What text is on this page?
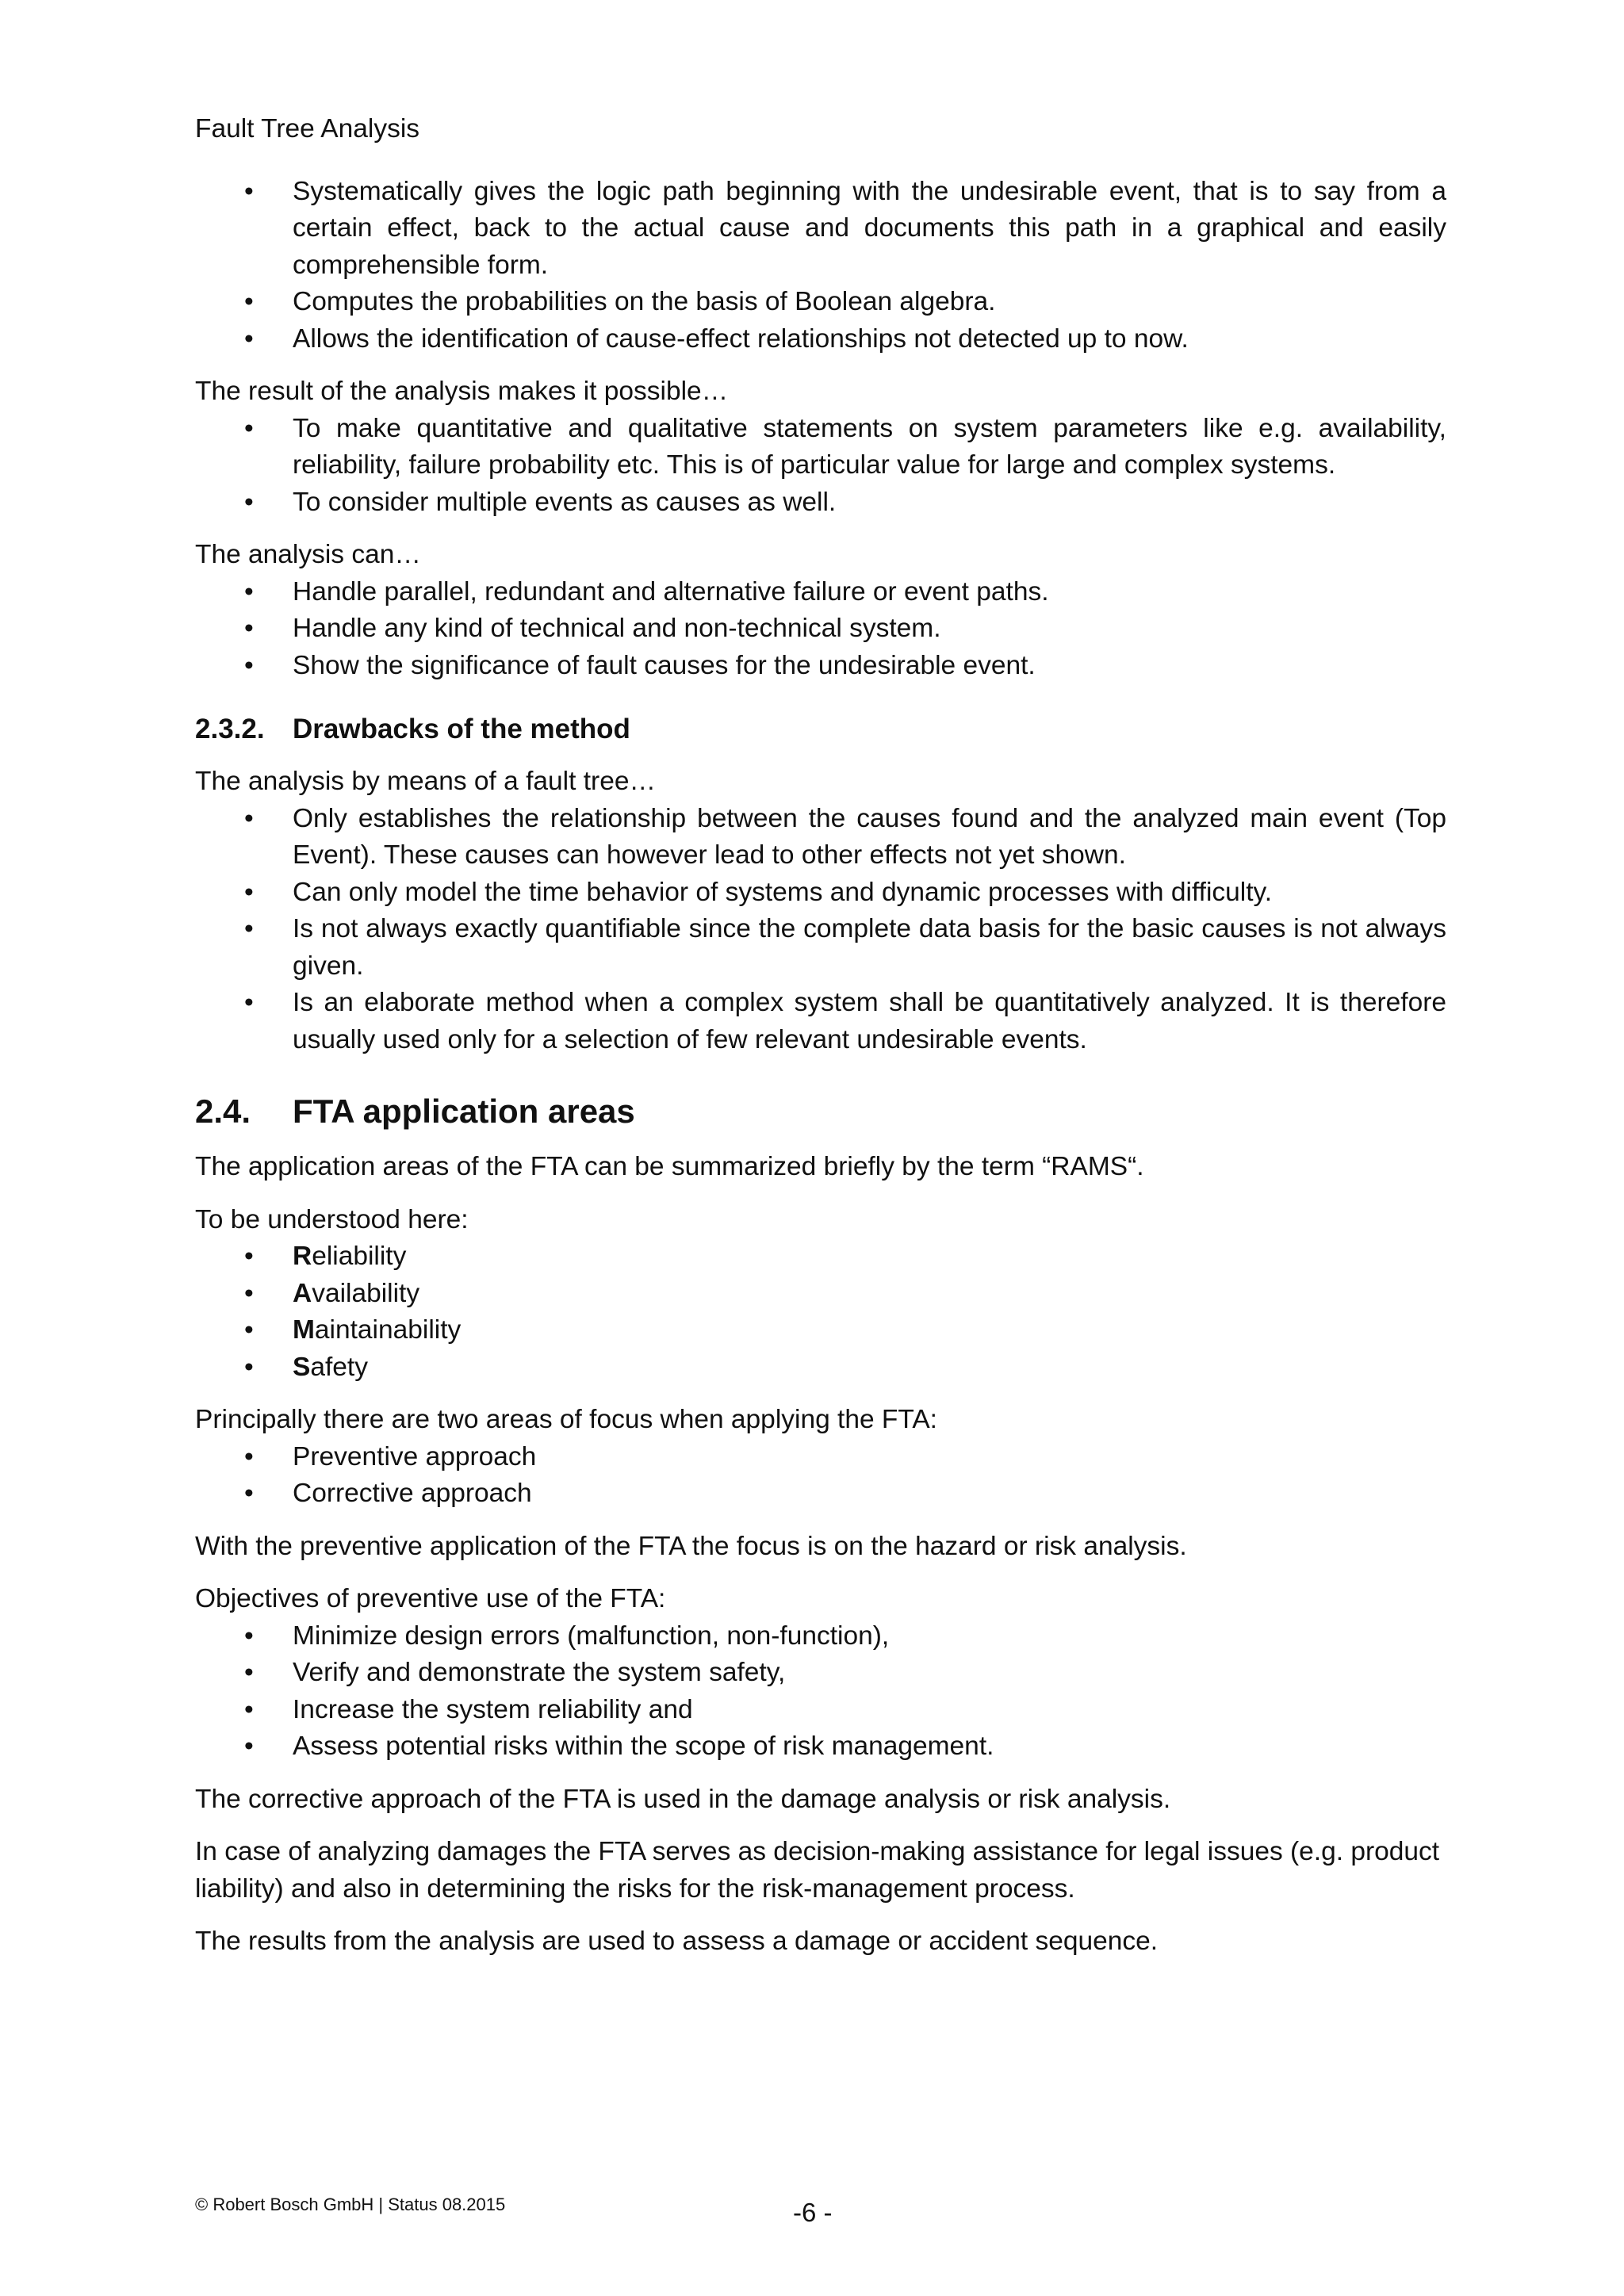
Fault Tree Analysis
• Systematically gives the logic path beginning with the undesirable event, that is to say from a certain effect, back to the actual cause and documents this path in a graphical and easily comprehensible form.
• Computes the probabilities on the basis of Boolean algebra.
• Allows the identification of cause-effect relationships not detected up to now.

The result of the analysis makes it possible…

• To make quantitative and qualitative statements on system parameters like e.g. availability, reliability, failure probability etc. This is of particular value for large and complex systems.
• To consider multiple events as causes as well.

The analysis can…

• Handle parallel, redundant and alternative failure or event paths.
• Handle any kind of technical and non-technical system.
• Show the significance of fault causes for the undesirable event.
2.3.2. Drawbacks of the method

The analysis by means of a fault tree…

• Only establishes the relationship between the causes found and the analyzed main event (Top Event). These causes can however lead to other effects not yet shown.
• Can only model the time behavior of systems and dynamic processes with difficulty.
• Is not always exactly quantifiable since the complete data basis for the basic causes is not always given.
• Is an elaborate method when a complex system shall be quantitatively analyzed. It is therefore usually used only for a selection of few relevant undesirable events.
2.4. FTA application areas

The application areas of the FTA can be summarized briefly by the term “RAMS“.

To be understood here:

• Reliability
• Availability
• Maintainability
• Safety

Principally there are two areas of focus when applying the FTA:

• Preventive approach
• Corrective approach

With the preventive application of the FTA the focus is on the hazard or risk analysis.

Objectives of preventive use of the FTA:

• Minimize design errors (malfunction, non-function),
• Verify and demonstrate the system safety,
• Increase the system reliability and
• Assess potential risks within the scope of risk management.

The corrective approach of the FTA is used in the damage analysis or risk analysis.

In case of analyzing damages the FTA serves as decision-making assistance for legal issues (e.g. product liability) and also in determining the risks for the risk-management process.

The results from the analysis are used to assess a damage or accident sequence.

© Robert Bosch GmbH | Status 08.2015	-6 -
